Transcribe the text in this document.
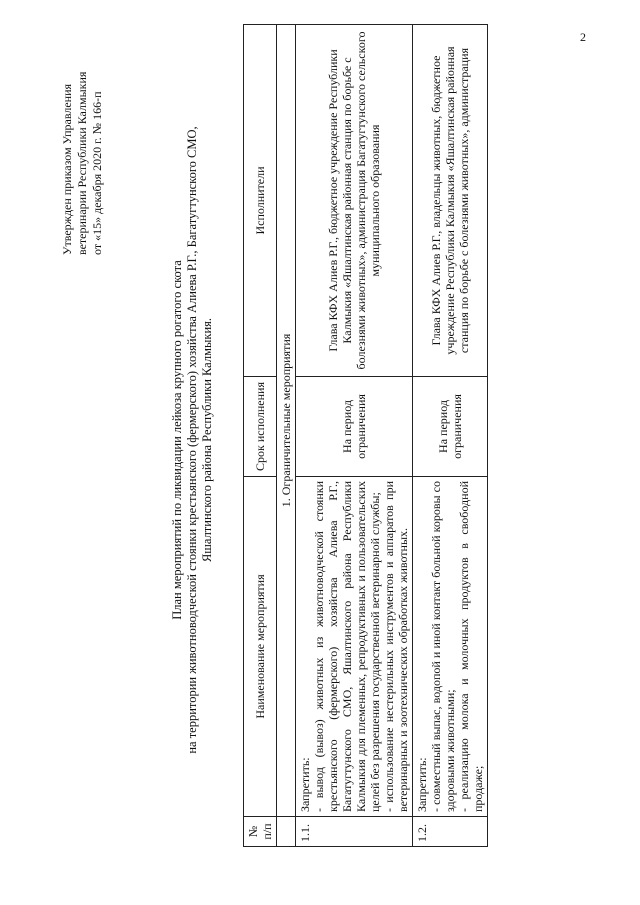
2
Утвержден приказом Управления ветеринарии Республики Калмыкия от «15» декабря 2020 г. № 166-п
План мероприятий по ликвидации лейкоза крупного рогатого скота на территории животноводческой стоянки крестьянского (фермерского) хозяйства Алиева Р.Г., Багатугтунского СМО, Яшалтинского района Республики Калмыкия.
№ п/п	Наименование мероприятия	Срок исполнения	Исполнители
	1. Ограничительные мероприятия		
1.1.	Запретить: - вывод (вывоз) животных из животноводческой стоянки крестьянского (фермерского) хозяйства Алиева Р.Г., Багатугтунского СМО, Яшалтинского района Республики Калмыкия для племенных, репродуктивных и пользовательских целей без разрешения государственной ветеринарной службы; - использование нестерильных инструментов и аппаратов при ветеринарных и зоотехнических обработках животных.	На период ограничения	Глава КФХ Алиев Р.Г., бюджетное учреждение Республики Калмыкия «Яшалтинская районная станция по борьбе с болезнями животных», администрация Багатугтунского сельского муниципального образования
1.2.	Запретить: - совместный выпас, водопой и иной контакт больной коровы со здоровыми животными; - реализацию молока и молочных продуктов в свободной продаже;	На период ограничения	Глава КФХ Алиев Р.Г., владельцы животных, бюджетное учреждение Республики Калмыкия «Яшалтинская районная станция по борьбе с болезнями животных», администрация
